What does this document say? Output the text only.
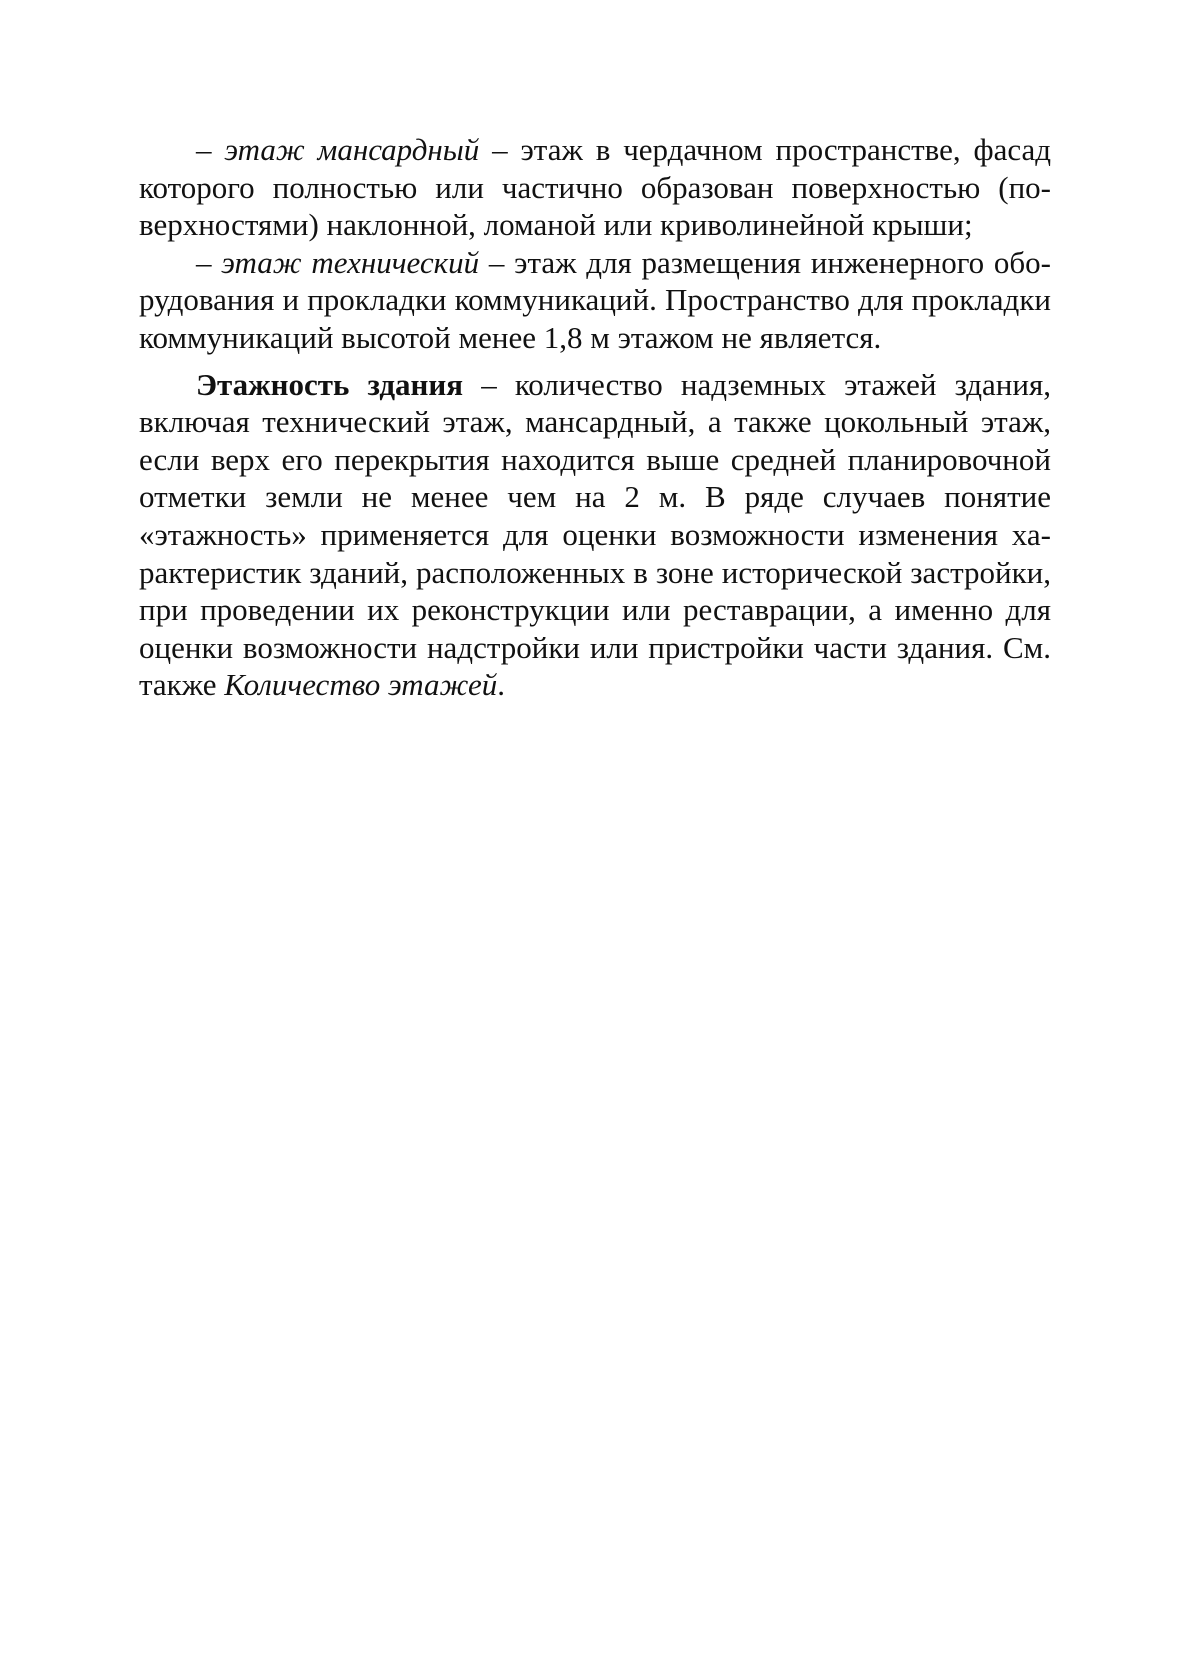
– этаж мансардный – этаж в чердачном пространстве, фасад которого полностью или частично образован поверхностью (поверхностями) наклонной, ломаной или криволинейной крыши;

– этаж технический – этаж для размещения инженерного оборудования и прокладки коммуникаций. Пространство для прокладки коммуникаций высотой менее 1,8 м этажом не является.

Этажность здания – количество надземных этажей здания, включая технический этаж, мансардный, а также цокольный этаж, если верх его перекрытия находится выше средней планировочной отметки земли не менее чем на 2 м. В ряде случаев понятие «этажность» применяется для оценки возможности изменения характеристик зданий, расположенных в зоне исторической застройки, при проведении их реконструкции или реставрации, а именно для оценки возможности надстройки или пристройки части здания. См. также Количество этажей.
